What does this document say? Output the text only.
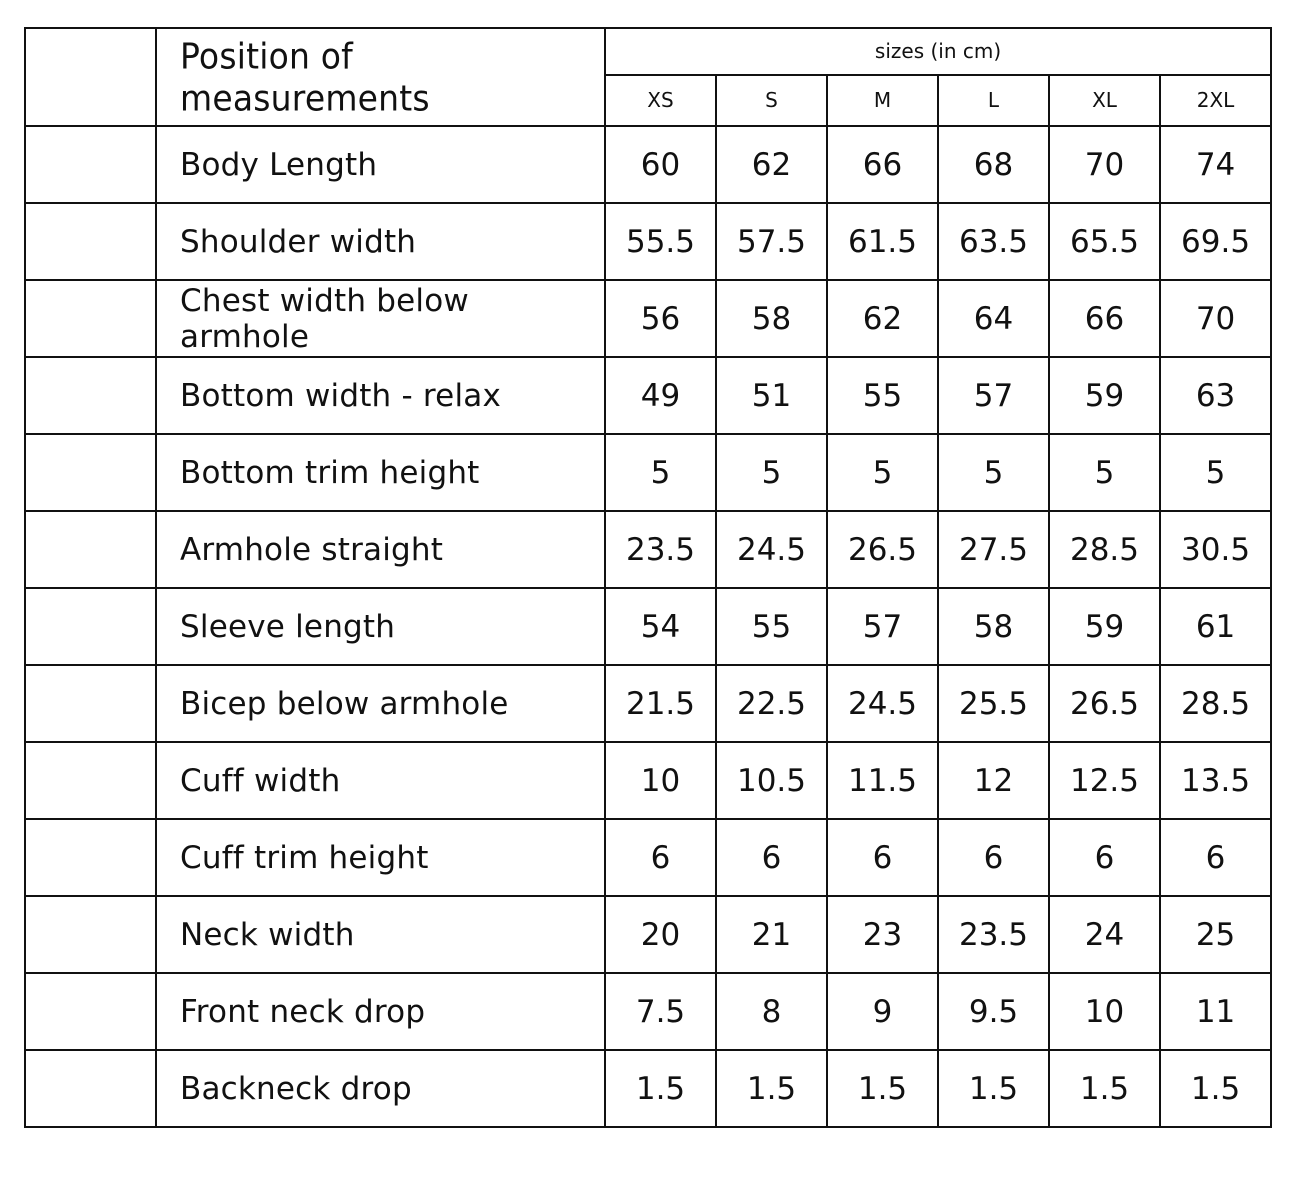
	Position of measurements	sizes (in cm)					
		XS	S	M	L	XL	2XL
	Body Length	60	62	66	68	70	74
	Shoulder width	55.5	57.5	61.5	63.5	65.5	69.5
	Chest width below armhole	56	58	62	64	66	70
	Bottom width - relax	49	51	55	57	59	63
	Bottom trim height	5	5	5	5	5	5
	Armhole straight	23.5	24.5	26.5	27.5	28.5	30.5
	Sleeve length	54	55	57	58	59	61
	Bicep below armhole	21.5	22.5	24.5	25.5	26.5	28.5
	Cuff width	10	10.5	11.5	12	12.5	13.5
	Cuff trim height	6	6	6	6	6	6
	Neck width	20	21	23	23.5	24	25
	Front neck drop	7.5	8	9	9.5	10	11
	Backneck drop	1.5	1.5	1.5	1.5	1.5	1.5
